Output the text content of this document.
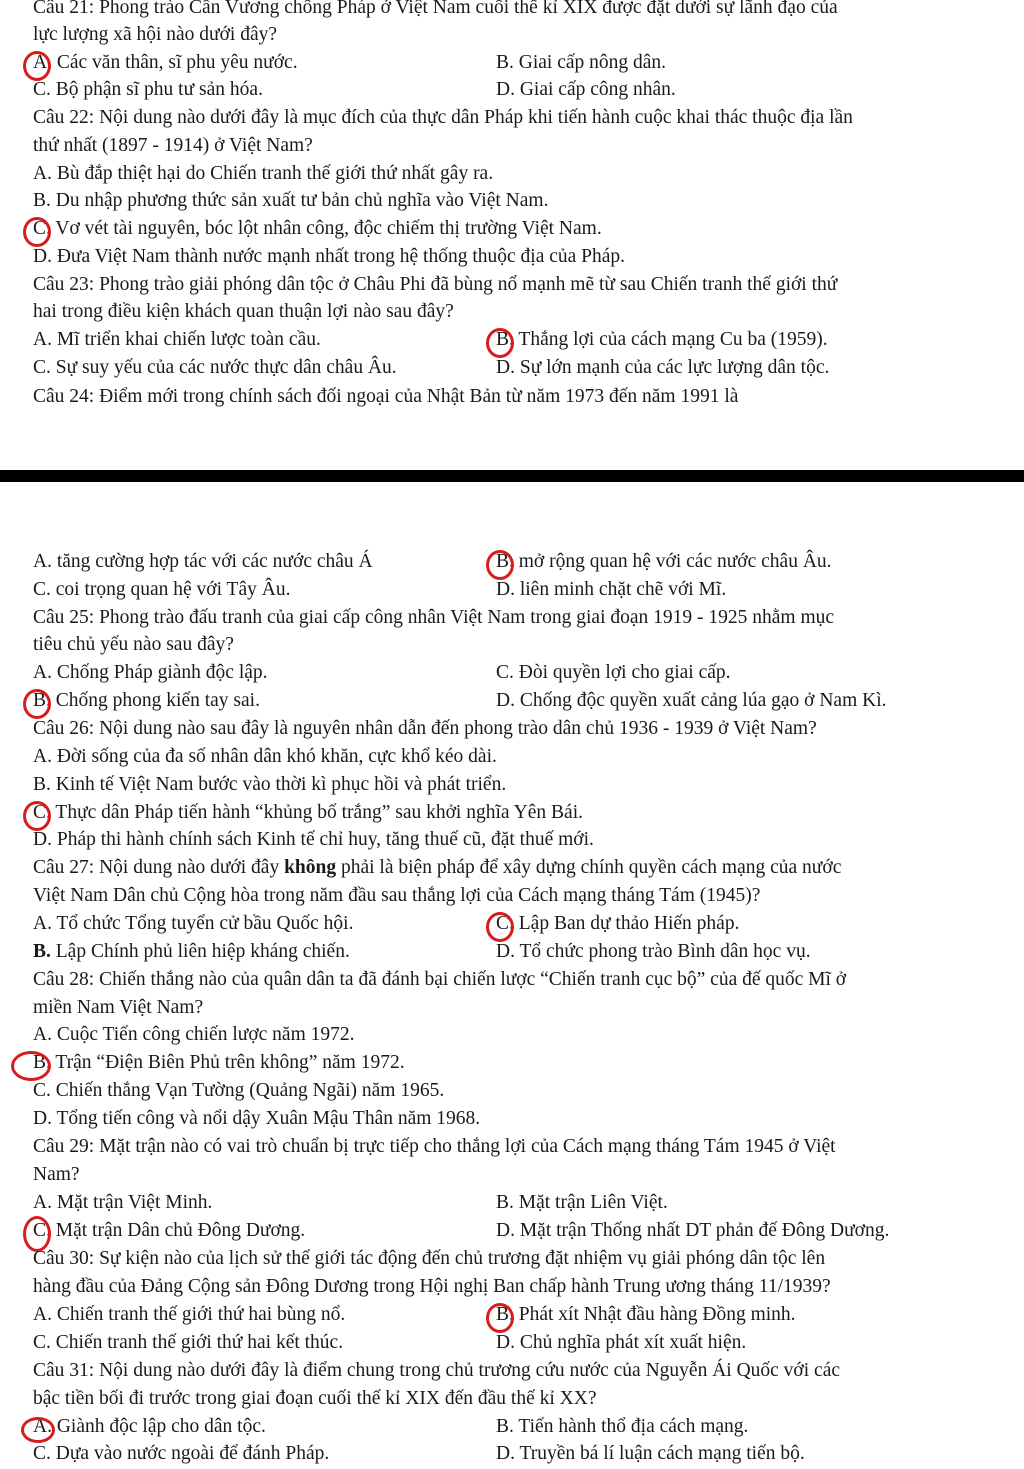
Câu 21: Phong trào Cần Vương chống Pháp ở Việt Nam cuối thế kỉ XIX được đặt dưới sự lãnh đạo của
lực lượng xã hội nào dưới đây?
A. Các văn thân, sĩ phu yêu nước.	B. Giai cấp nông dân.
C. Bộ phận sĩ phu tư sản hóa.	D. Giai cấp công nhân.
Câu 22: Nội dung nào dưới đây là mục đích của thực dân Pháp khi tiến hành cuộc khai thác thuộc địa lần
thứ nhất (1897 - 1914) ở Việt Nam?
A. Bù đắp thiệt hại do Chiến tranh thế giới thứ nhất gây ra.
B. Du nhập phương thức sản xuất tư bản chủ nghĩa vào Việt Nam.
C. Vơ vét tài nguyên, bóc lột nhân công, độc chiếm thị trường Việt Nam.
D. Đưa Việt Nam thành nước mạnh nhất trong hệ thống thuộc địa của Pháp.
Câu 23: Phong trào giải phóng dân tộc ở Châu Phi đã bùng nổ mạnh mẽ từ sau Chiến tranh thế giới thứ
hai trong điều kiện khách quan thuận lợi nào sau đây?
A. Mĩ triển khai chiến lược toàn cầu.	B. Thắng lợi của cách mạng Cu ba (1959).
C. Sự suy yếu của các nước thực dân châu Âu.	D. Sự lớn mạnh của các lực lượng dân tộc.
Câu 24: Điểm mới trong chính sách đối ngoại của Nhật Bản từ năm 1973 đến năm 1991 là
A. tăng cường hợp tác với các nước châu Á	B. mở rộng quan hệ với các nước châu Âu.
C. coi trọng quan hệ với Tây Âu.	D. liên minh chặt chẽ với Mĩ.
Câu 25: Phong trào đấu tranh của giai cấp công nhân Việt Nam trong giai đoạn 1919 - 1925 nhằm mục
tiêu chủ yếu nào sau đây?
A. Chống Pháp giành độc lập.	C. Đòi quyền lợi cho giai cấp.
B. Chống phong kiến tay sai.	D. Chống độc quyền xuất cảng lúa gạo ở Nam Kì.
Câu 26: Nội dung nào sau đây là nguyên nhân dẫn đến phong trào dân chủ 1936 - 1939 ở Việt Nam?
A. Đời sống của đa số nhân dân khó khăn, cực khổ kéo dài.
B. Kinh tế Việt Nam bước vào thời kì phục hồi và phát triển.
C. Thực dân Pháp tiến hành “khủng bố trắng” sau khởi nghĩa Yên Bái.
D. Pháp thi hành chính sách Kinh tế chỉ huy, tăng thuế cũ, đặt thuế mới.
Câu 27: Nội dung nào dưới đây không phải là biện pháp để xây dựng chính quyền cách mạng của nước
Việt Nam Dân chủ Cộng hòa trong năm đầu sau thắng lợi của Cách mạng tháng Tám (1945)?
A. Tổ chức Tổng tuyển cử bầu Quốc hội.	C. Lập Ban dự thảo Hiến pháp.
B. Lập Chính phủ liên hiệp kháng chiến.	D. Tổ chức phong trào Bình dân học vụ.
Câu 28: Chiến thắng nào của quân dân ta đã đánh bại chiến lược “Chiến tranh cục bộ” của đế quốc Mĩ ở
miền Nam Việt Nam?
A. Cuộc Tiến công chiến lược năm 1972.
B. Trận “Điện Biên Phủ trên không” năm 1972.
C. Chiến thắng Vạn Tường (Quảng Ngãi) năm 1965.
D. Tổng tiến công và nổi dậy Xuân Mậu Thân năm 1968.
Câu 29: Mặt trận nào có vai trò chuẩn bị trực tiếp cho thắng lợi của Cách mạng tháng Tám 1945 ở Việt
Nam?
A. Mặt trận Việt Minh.	B. Mặt trận Liên Việt.
C. Mặt trận Dân chủ Đông Dương.	D. Mặt trận Thống nhất DT phản đế Đông Dương.
Câu 30: Sự kiện nào của lịch sử thế giới tác động đến chủ trương đặt nhiệm vụ giải phóng dân tộc lên
hàng đầu của Đảng Cộng sản Đông Dương trong Hội nghị Ban chấp hành Trung ương tháng 11/1939?
A. Chiến tranh thế giới thứ hai bùng nổ.	B. Phát xít Nhật đầu hàng Đồng minh.
C. Chiến tranh thế giới thứ hai kết thúc.	D. Chủ nghĩa phát xít xuất hiện.
Câu 31: Nội dung nào dưới đây là điểm chung trong chủ trương cứu nước của Nguyễn Ái Quốc với các
bậc tiền bối đi trước trong giai đoạn cuối thế kỉ XIX đến đầu thế kỉ XX?
A. Giành độc lập cho dân tộc.	B. Tiến hành thổ địa cách mạng.
C. Dựa vào nước ngoài để đánh Pháp.	D. Truyền bá lí luận cách mạng tiến bộ.
